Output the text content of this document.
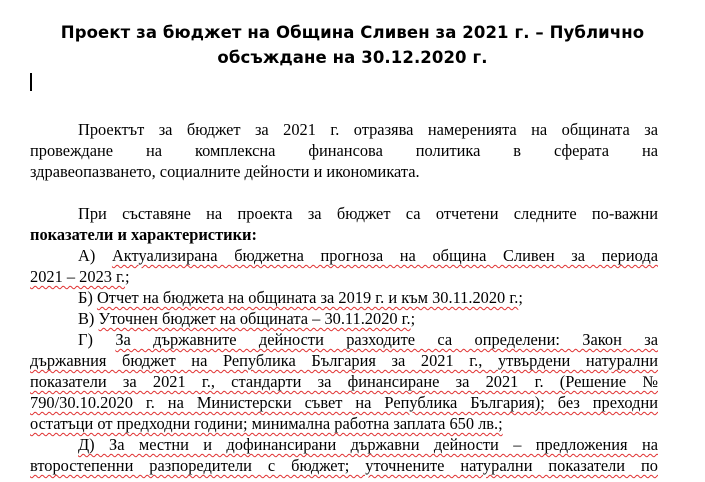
Проект за бюджет на Община Сливен за 2021 г. – Публично
обсъждане на 30.12.2020 г.
Проектът за бюджет за 2021 г. отразява намеренията на общината за
провеждане на комплексна финансова политика в сферата на
здравеопазването, социалните дейности и икономиката.
При съставяне на проекта за бюджет са отчетени следните по-важни
показатели и характеристики:
А) Актуализирана бюджетна прогноза на община Сливен за периода
2021 – 2023 г.;
Б) Отчет на бюджета на общината за 2019 г. и към 30.11.2020 г.;
В) Уточнен бюджет на общината – 30.11.2020 г.;
Г) За държавните дейности разходите са определени: Закон за
държавния бюджет на Република България за 2021 г., утвърдени натурални
показатели за 2021 г., стандарти за финансиране за 2021 г. (Решение №
790/30.10.2020 г. на Министерски съвет на Република България); без преходни
остатъци от предходни години; минимална работна заплата 650 лв.;
Д) За местни и дофинансирани държавни дейности – предложения на
второстепенни разпоредители с бюджет; уточнените натурални показатели по
